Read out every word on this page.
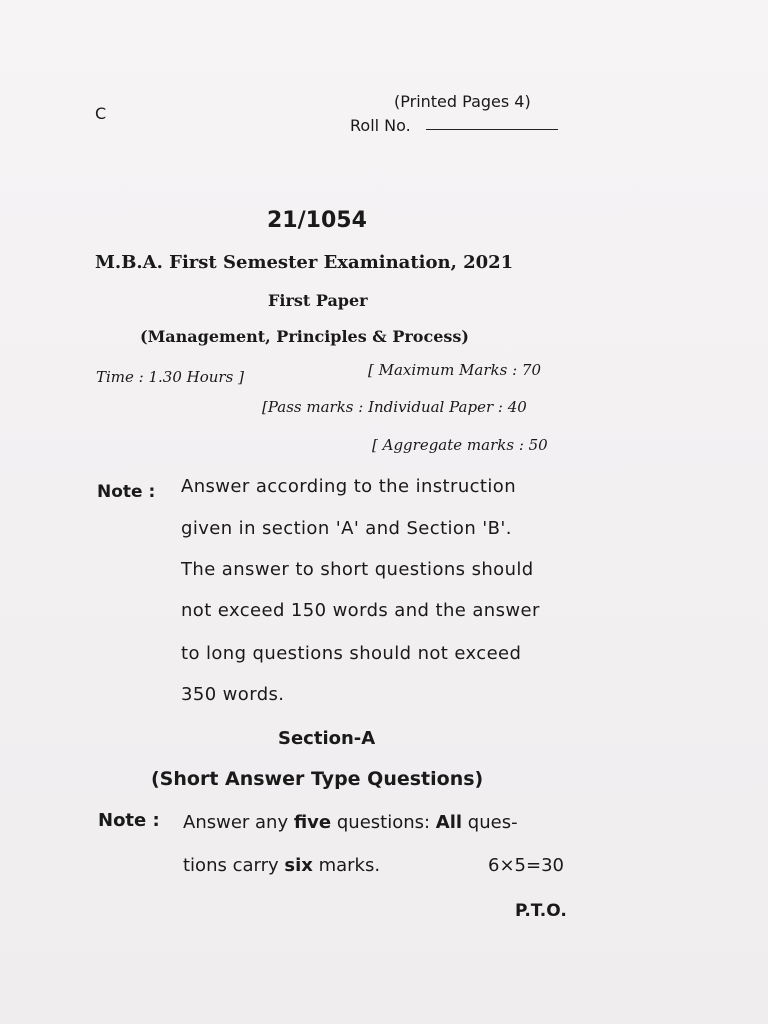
C
(Printed Pages 4)
Roll No.
21/1054
M.B.A. First Semester Examination, 2021
First Paper
(Management, Principles & Process)
Time : 1.30 Hours ]	[ Maximum Marks : 70
[Pass marks : Individual Paper : 40
[ Aggregate marks : 50
Note : Answer according to the instruction
given in section 'A' and Section 'B'.
The answer to short questions should
not exceed 150 words and the answer
to long questions should not exceed
350 words.
Section-A
(Short Answer Type Questions)
Note : Answer any five questions: All ques-
tions carry six marks.	6×5=30
P.T.O.
